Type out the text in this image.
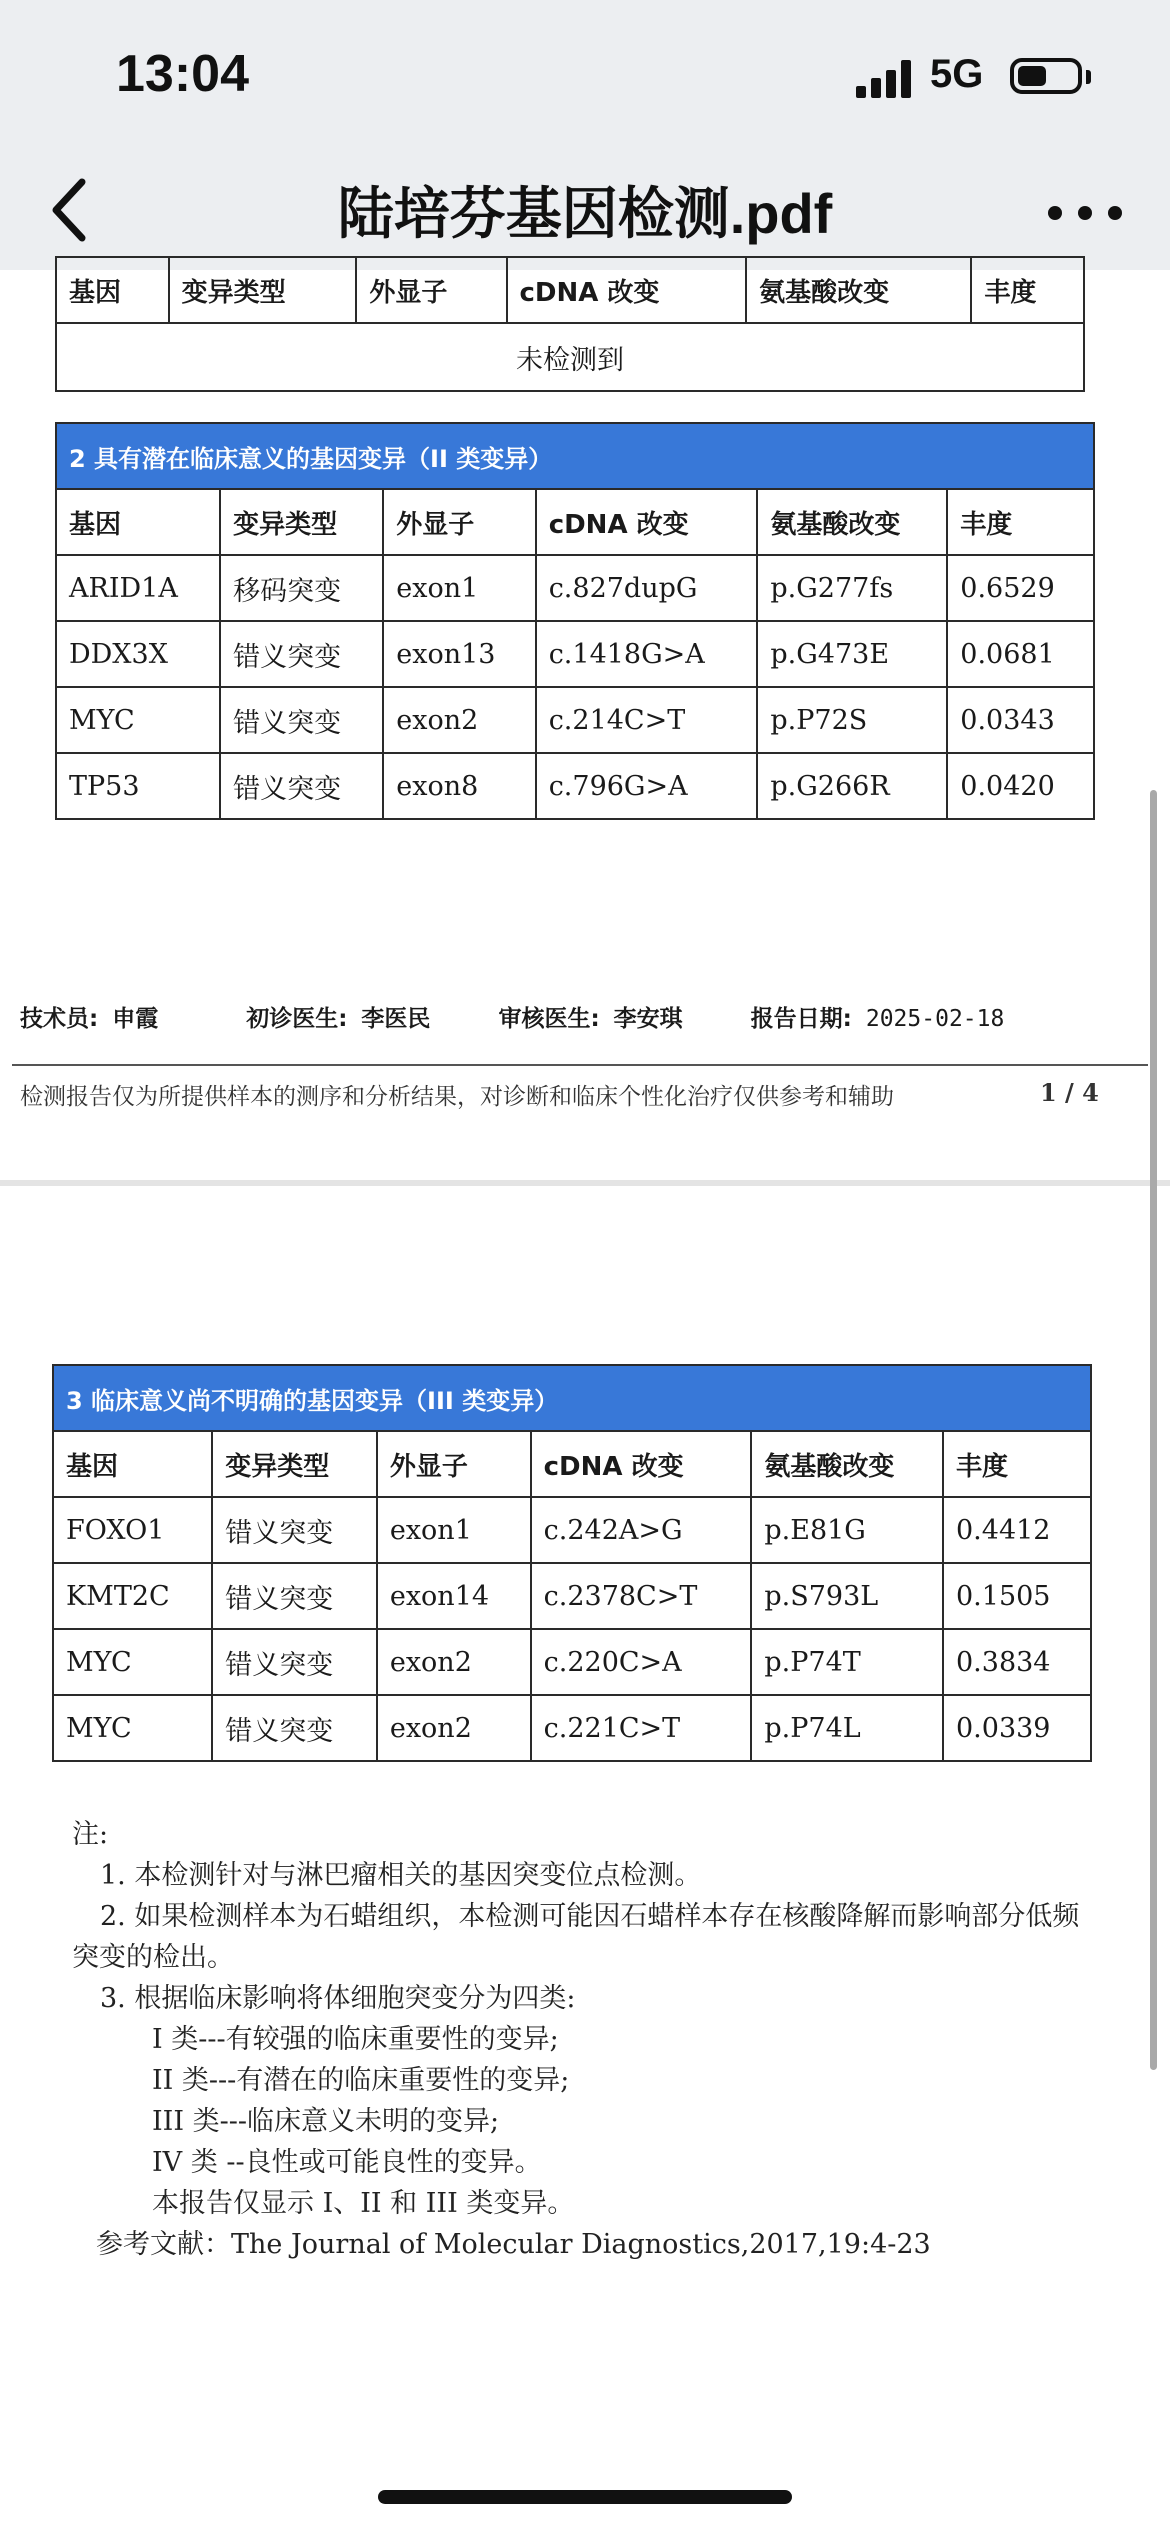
13:04	5G
陆培芬基因检测.pdf
基因	变异类型	外显子	cDNA 改变	氨基酸改变	丰度
未检测到
2 具有潜在临床意义的基因变异（II 类变异）					
基因	变异类型	外显子	cDNA 改变	氨基酸改变	丰度
ARID1A	移码突变	exon1	c.827dupG	p.G277fs	0.6529
DDX3X	错义突变	exon13	c.1418G>A	p.G473E	0.0681
MYC	错义突变	exon2	c.214C>T	p.P72S	0.0343
TP53	错义突变	exon8	c.796G>A	p.G266R	0.0420
技术员: 申霞	初诊医生: 李医民	审核医生: 李安琪	报告日期: 2025-02-18
检测报告仅为所提供样本的测序和分析结果，对诊断和临床个性化治疗仅供参考和辅助	1 / 4
3 临床意义尚不明确的基因变异（III 类变异）					
基因	变异类型	外显子	cDNA 改变	氨基酸改变	丰度
FOXO1	错义突变	exon1	c.242A>G	p.E81G	0.4412
KMT2C	错义突变	exon14	c.2378C>T	p.S793L	0.1505
MYC	错义突变	exon2	c.220C>A	p.P74T	0.3834
MYC	错义突变	exon2	c.221C>T	p.P74L	0.0339
注:
1. 本检测针对与淋巴瘤相关的基因突变位点检测。
2. 如果检测样本为石蜡组织，本检测可能因石蜡样本存在核酸降解而影响部分低频
突变的检出。
3. 根据临床影响将体细胞突变分为四类:
I 类---有较强的临床重要性的变异;
II 类---有潜在的临床重要性的变异;
III 类---临床意义未明的变异;
IV 类 --良性或可能良性的变异。
本报告仅显示 I、II 和 III 类变异。
参考文献：The Journal of Molecular Diagnostics,2017,19:4-23
